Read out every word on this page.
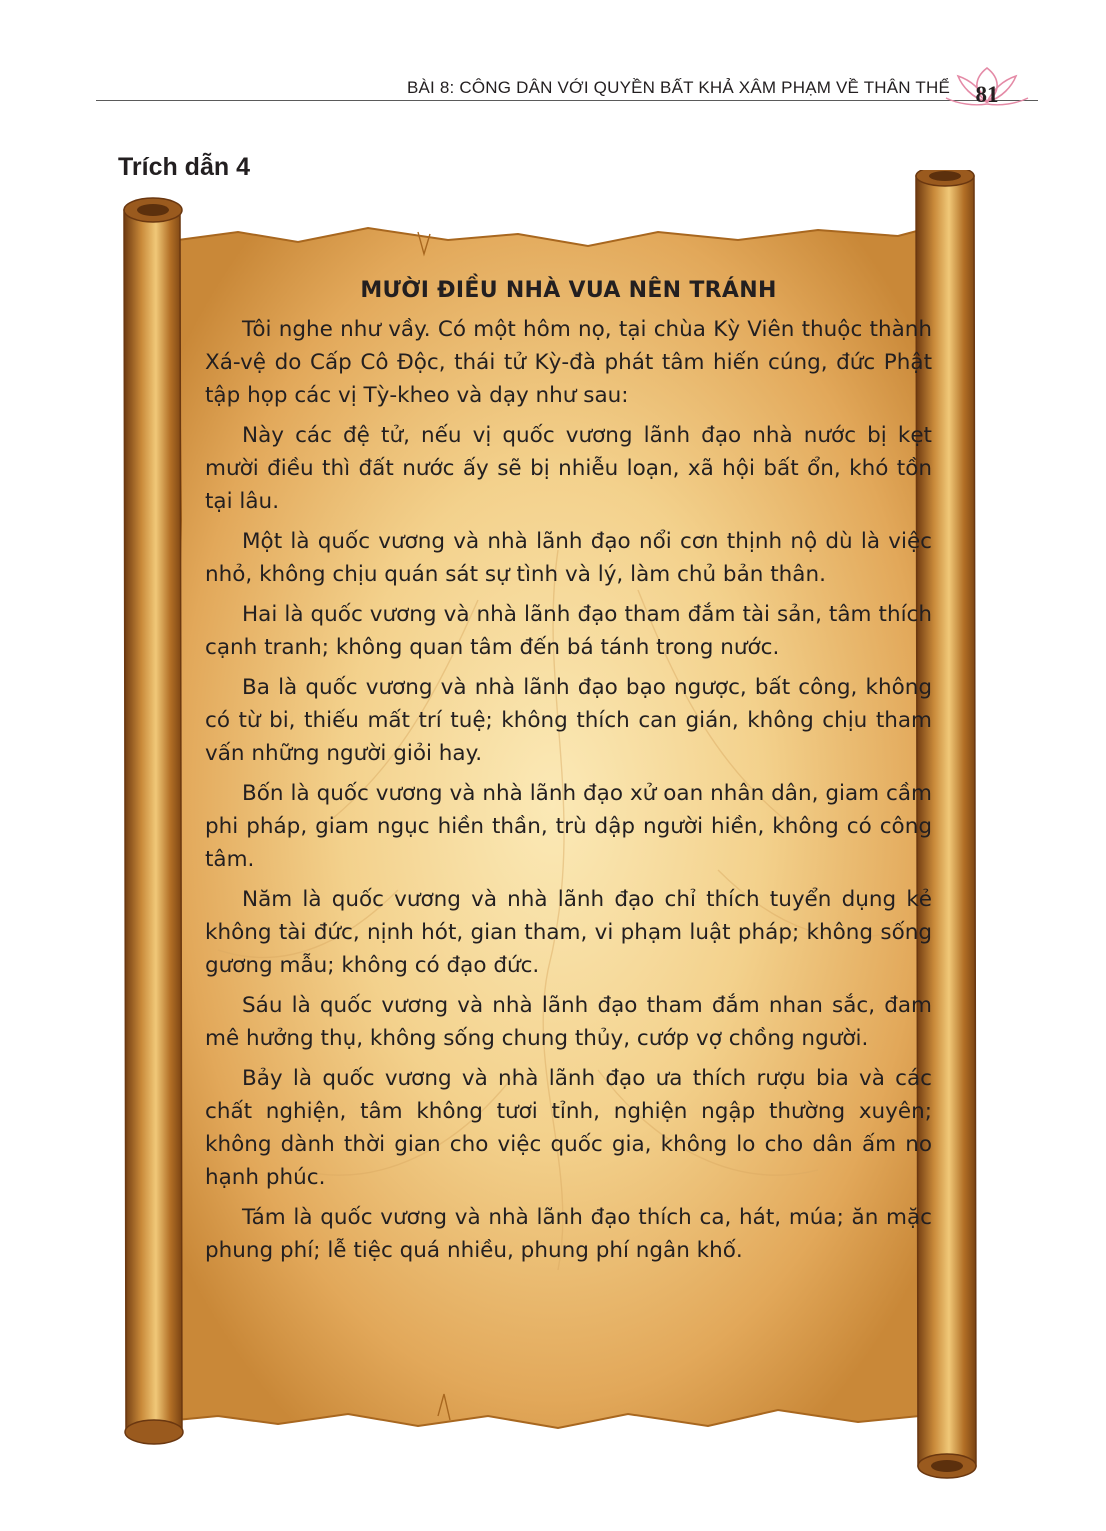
BÀI 8: CÔNG DÂN VỚI QUYỀN BẤT KHẢ XÂM PHẠM VỀ THÂN THỂ	81
Trích dẫn 4
MƯỜI ĐIỀU NHÀ VUA NÊN TRÁNH

Tôi nghe như vầy. Có một hôm nọ, tại chùa Kỳ Viên thuộc thành Xá-vệ do Cấp Cô Độc, thái tử Kỳ-đà phát tâm hiến cúng, đức Phật tập họp các vị Tỳ-kheo và dạy như sau:

Này các đệ tử, nếu vị quốc vương lãnh đạo nhà nước bị kẹt mười điều thì đất nước ấy sẽ bị nhiễu loạn, xã hội bất ổn, khó tồn tại lâu.

Một là quốc vương và nhà lãnh đạo nổi cơn thịnh nộ dù là việc nhỏ, không chịu quán sát sự tình và lý, làm chủ bản thân.

Hai là quốc vương và nhà lãnh đạo tham đắm tài sản, tâm thích cạnh tranh; không quan tâm đến bá tánh trong nước.

Ba là quốc vương và nhà lãnh đạo bạo ngược, bất công, không có từ bi, thiếu mất trí tuệ; không thích can gián, không chịu tham vấn những người giỏi hay.

Bốn là quốc vương và nhà lãnh đạo xử oan nhân dân, giam cầm phi pháp, giam ngục hiền thần, trù dập người hiền, không có công tâm.

Năm là quốc vương và nhà lãnh đạo chỉ thích tuyển dụng kẻ không tài đức, nịnh hót, gian tham, vi phạm luật pháp; không sống gương mẫu; không có đạo đức.

Sáu là quốc vương và nhà lãnh đạo tham đắm nhan sắc, đam mê hưởng thụ, không sống chung thủy, cướp vợ chồng người.

Bảy là quốc vương và nhà lãnh đạo ưa thích rượu bia và các chất nghiện, tâm không tươi tỉnh, nghiện ngập thường xuyên; không dành thời gian cho việc quốc gia, không lo cho dân ấm no hạnh phúc.

Tám là quốc vương và nhà lãnh đạo thích ca, hát, múa; ăn mặc phung phí; lễ tiệc quá nhiều, phung phí ngân khố.
